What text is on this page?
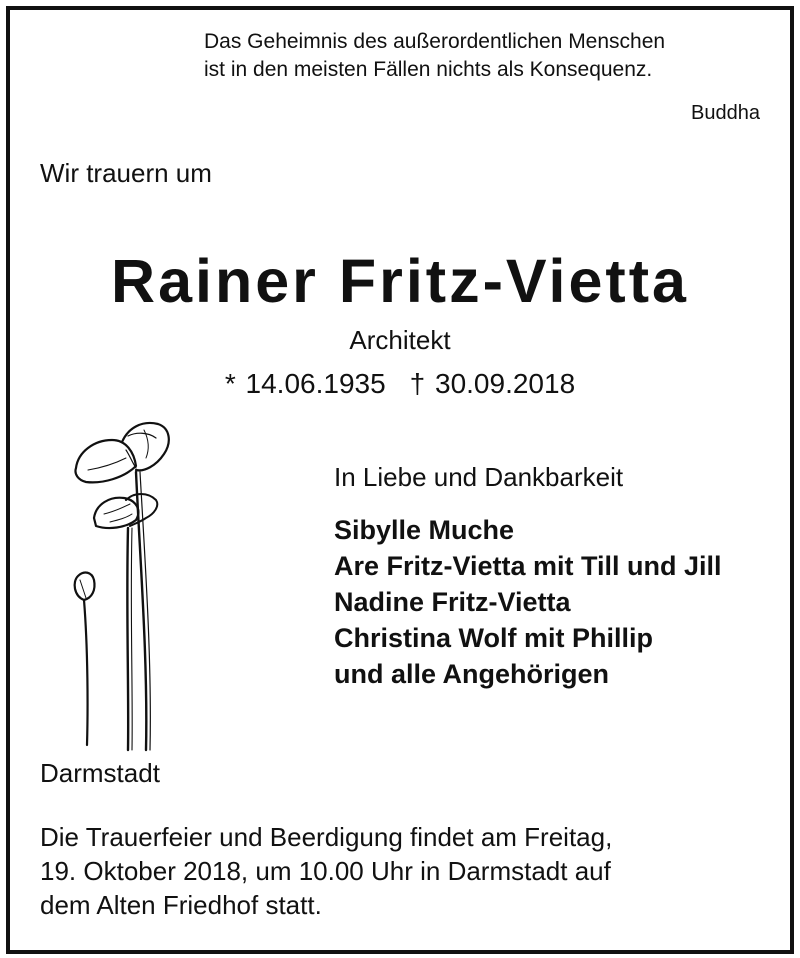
Das Geheimnis des außerordentlichen Menschen
ist in den meisten Fällen nichts als Konsequenz.
Buddha
Wir trauern um
Rainer Fritz-Vietta
Architekt
* 14.06.1935 † 30.09.2018
In Liebe und Dankbarkeit
Sibylle Muche
Are Fritz-Vietta mit Till und Jill
Nadine Fritz-Vietta
Christina Wolf mit Phillip
und alle Angehörigen
Darmstadt
Die Trauerfeier und Beerdigung findet am Freitag,
19. Oktober 2018, um 10.00 Uhr in Darmstadt auf
dem Alten Friedhof statt.
